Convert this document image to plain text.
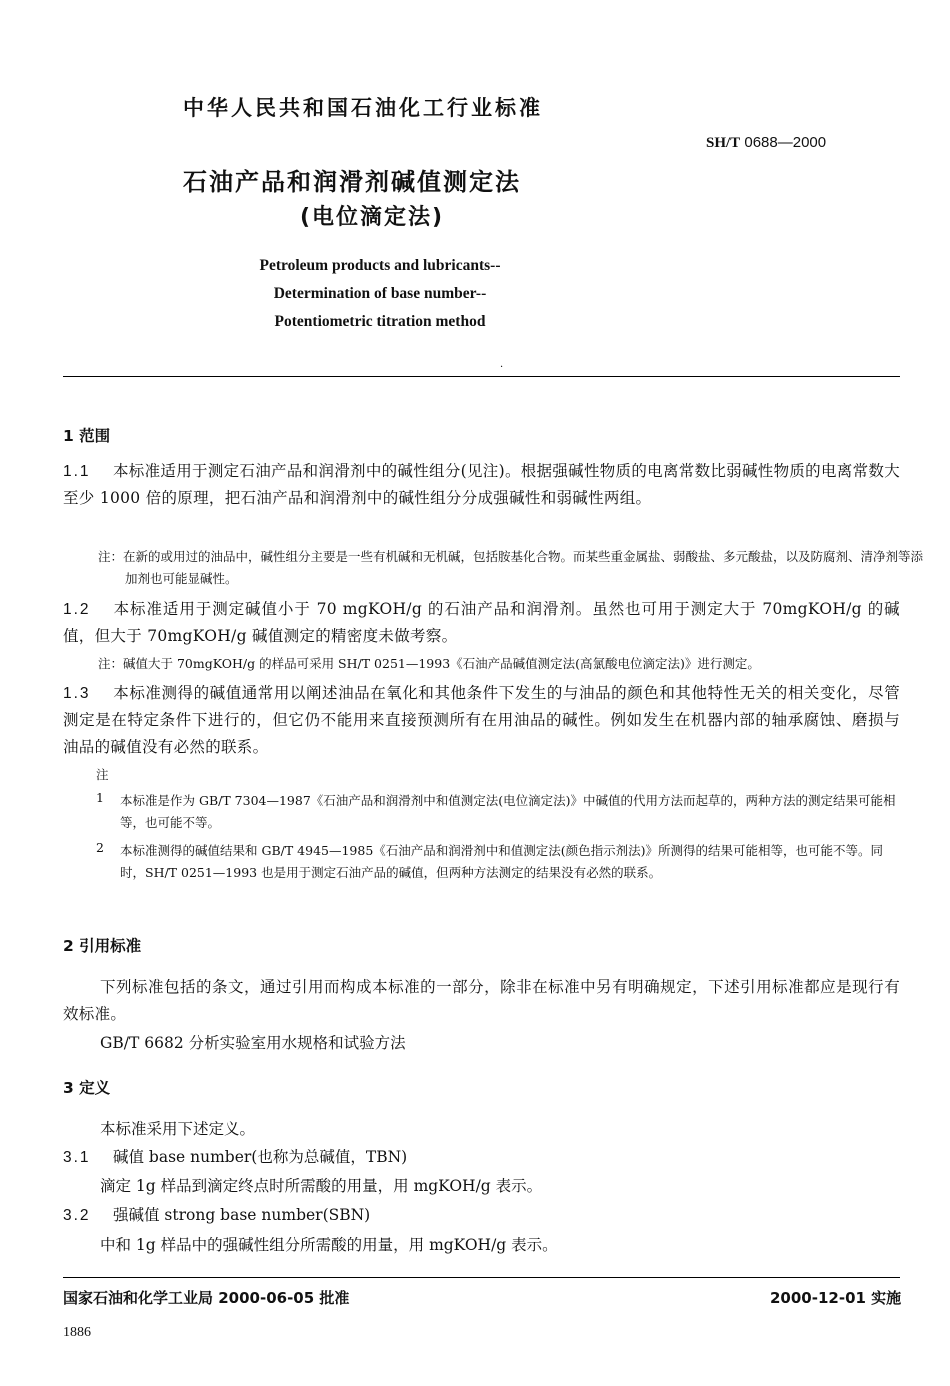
中华人民共和国石油化工行业标准
SH/T 0688—2000
石油产品和润滑剂碱值测定法
(电位滴定法)
Petroleum products and lubricants--
Determination of base number--
Potentiometric titration method
·
1 范围
1.1 本标准适用于测定石油产品和润滑剂中的碱性组分(见注)。根据强碱性物质的电离常数比弱碱性物质的电离常数大至少 1000 倍的原理，把石油产品和润滑剂中的碱性组分分成强碱性和弱碱性两组。
注：在新的或用过的油品中，碱性组分主要是一些有机碱和无机碱，包括胺基化合物。而某些重金属盐、弱酸盐、多元酸盐，以及防腐剂、清净剂等添加剂也可能显碱性。
1.2 本标准适用于测定碱值小于 70 mgKOH/g 的石油产品和润滑剂。虽然也可用于测定大于 70mgKOH/g 的碱值，但大于 70mgKOH/g 碱值测定的精密度未做考察。
注：碱值大于 70mgKOH/g 的样品可采用 SH/T 0251—1993《石油产品碱值测定法(高氯酸电位滴定法)》进行测定。
1.3 本标准测得的碱值通常用以阐述油品在氧化和其他条件下发生的与油品的颜色和其他特性无关的相关变化，尽管测定是在特定条件下进行的，但它仍不能用来直接预测所有在用油品的碱性。例如发生在机器内部的轴承腐蚀、磨损与油品的碱值没有必然的联系。
注
1 本标准是作为 GB/T 7304—1987《石油产品和润滑剂中和值测定法(电位滴定法)》中碱值的代用方法而起草的，两种方法的测定结果可能相等，也可能不等。
2 本标准测得的碱值结果和 GB/T 4945—1985《石油产品和润滑剂中和值测定法(颜色指示剂法)》所测得的结果可能相等，也可能不等。同时，SH/T 0251—1993 也是用于测定石油产品的碱值，但两种方法测定的结果没有必然的联系。
2 引用标准
下列标准包括的条文，通过引用而构成本标准的一部分，除非在标准中另有明确规定，下述引用标准都应是现行有效标准。
GB/T 6682 分析实验室用水规格和试验方法
3 定义
本标准采用下述定义。
3.1 碱值 base number(也称为总碱值，TBN)
滴定 1g 样品到滴定终点时所需酸的用量，用 mgKOH/g 表示。
3.2 强碱值 strong base number(SBN)
中和 1g 样品中的强碱性组分所需酸的用量，用 mgKOH/g 表示。
国家石油和化学工业局 2000-06-05 批准	2000-12-01 实施
1886
